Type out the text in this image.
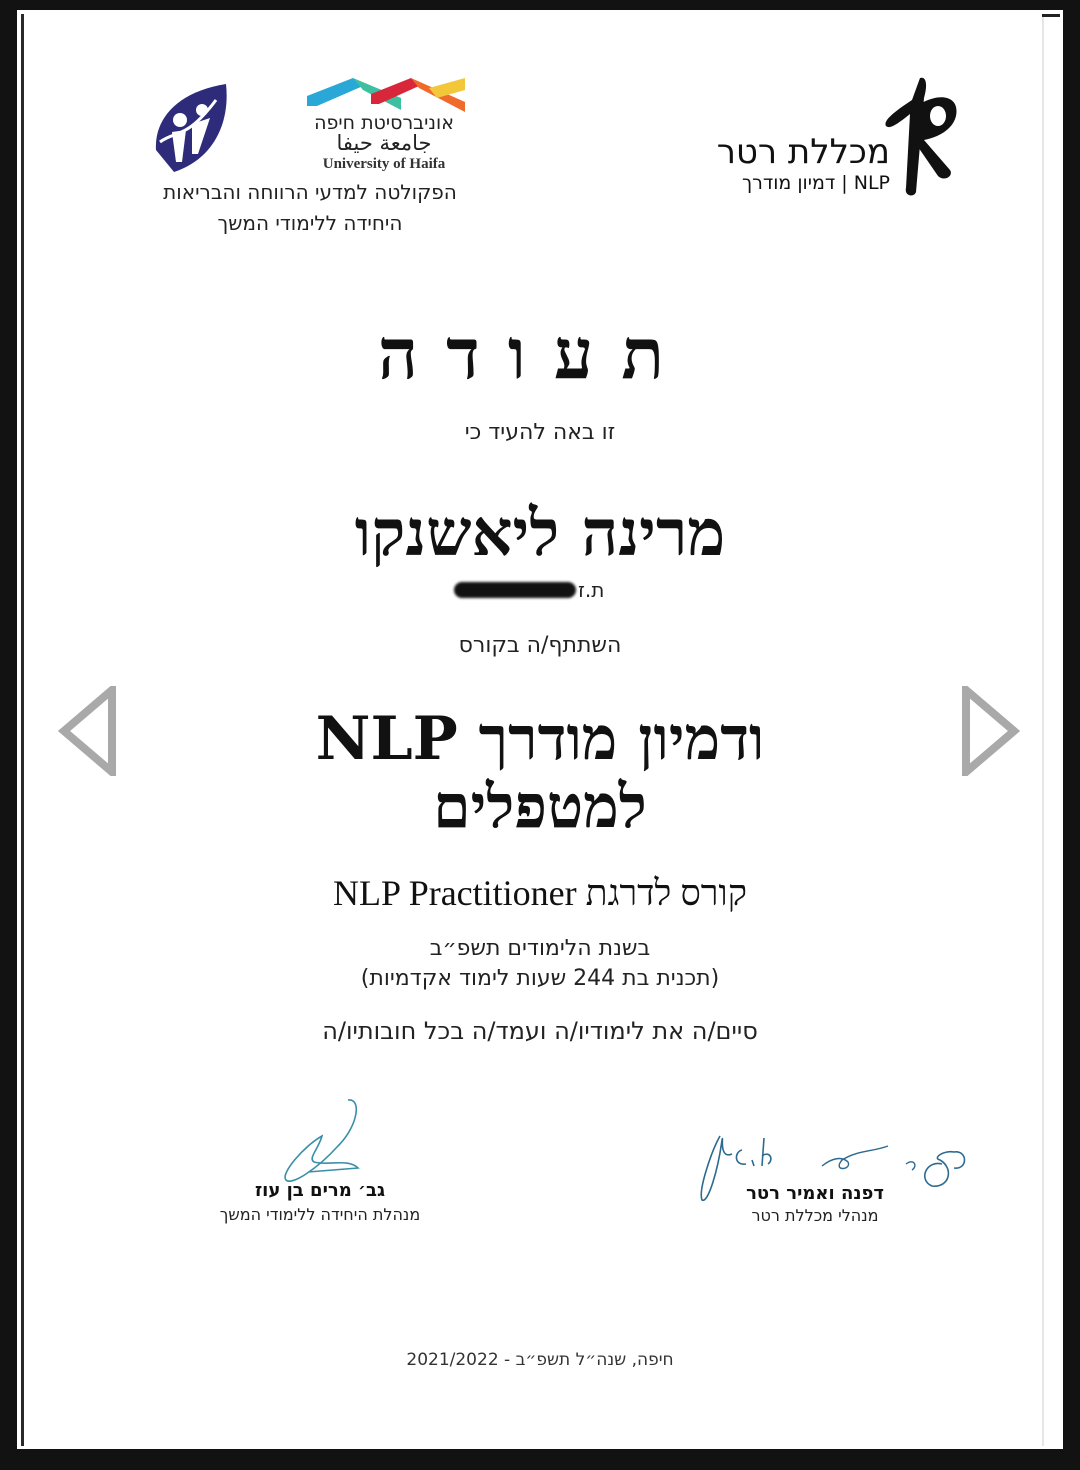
אוניברסיטת חיפה
جامعة حيفا
University of Haifa
הפקולטה למדעי הרווחה והבריאות
היחידה ללימודי המשך
מכללת רטר
NLP | דמיון מודרך
תעודה
זו באה להעיד כי
מרינה ליאשנקו
ת.ז
השתתף/ה בקורס
NLP ודמיון מודרך
למטפלים
קורס לדרגת NLP Practitioner
בשנת הלימודים תשפ״ב
(תכנית בת 244 שעות לימוד אקדמיות)
סיים/ה את לימודיו/ה ועמד/ה בכל חובותיו/ה
גב׳ מרים בן עוז
מנהלת היחידה ללימודי המשך
דפנה ואמיר רטר
מנהלי מכללת רטר
חיפה, שנה״ל תשפ״ב - 2021/2022
